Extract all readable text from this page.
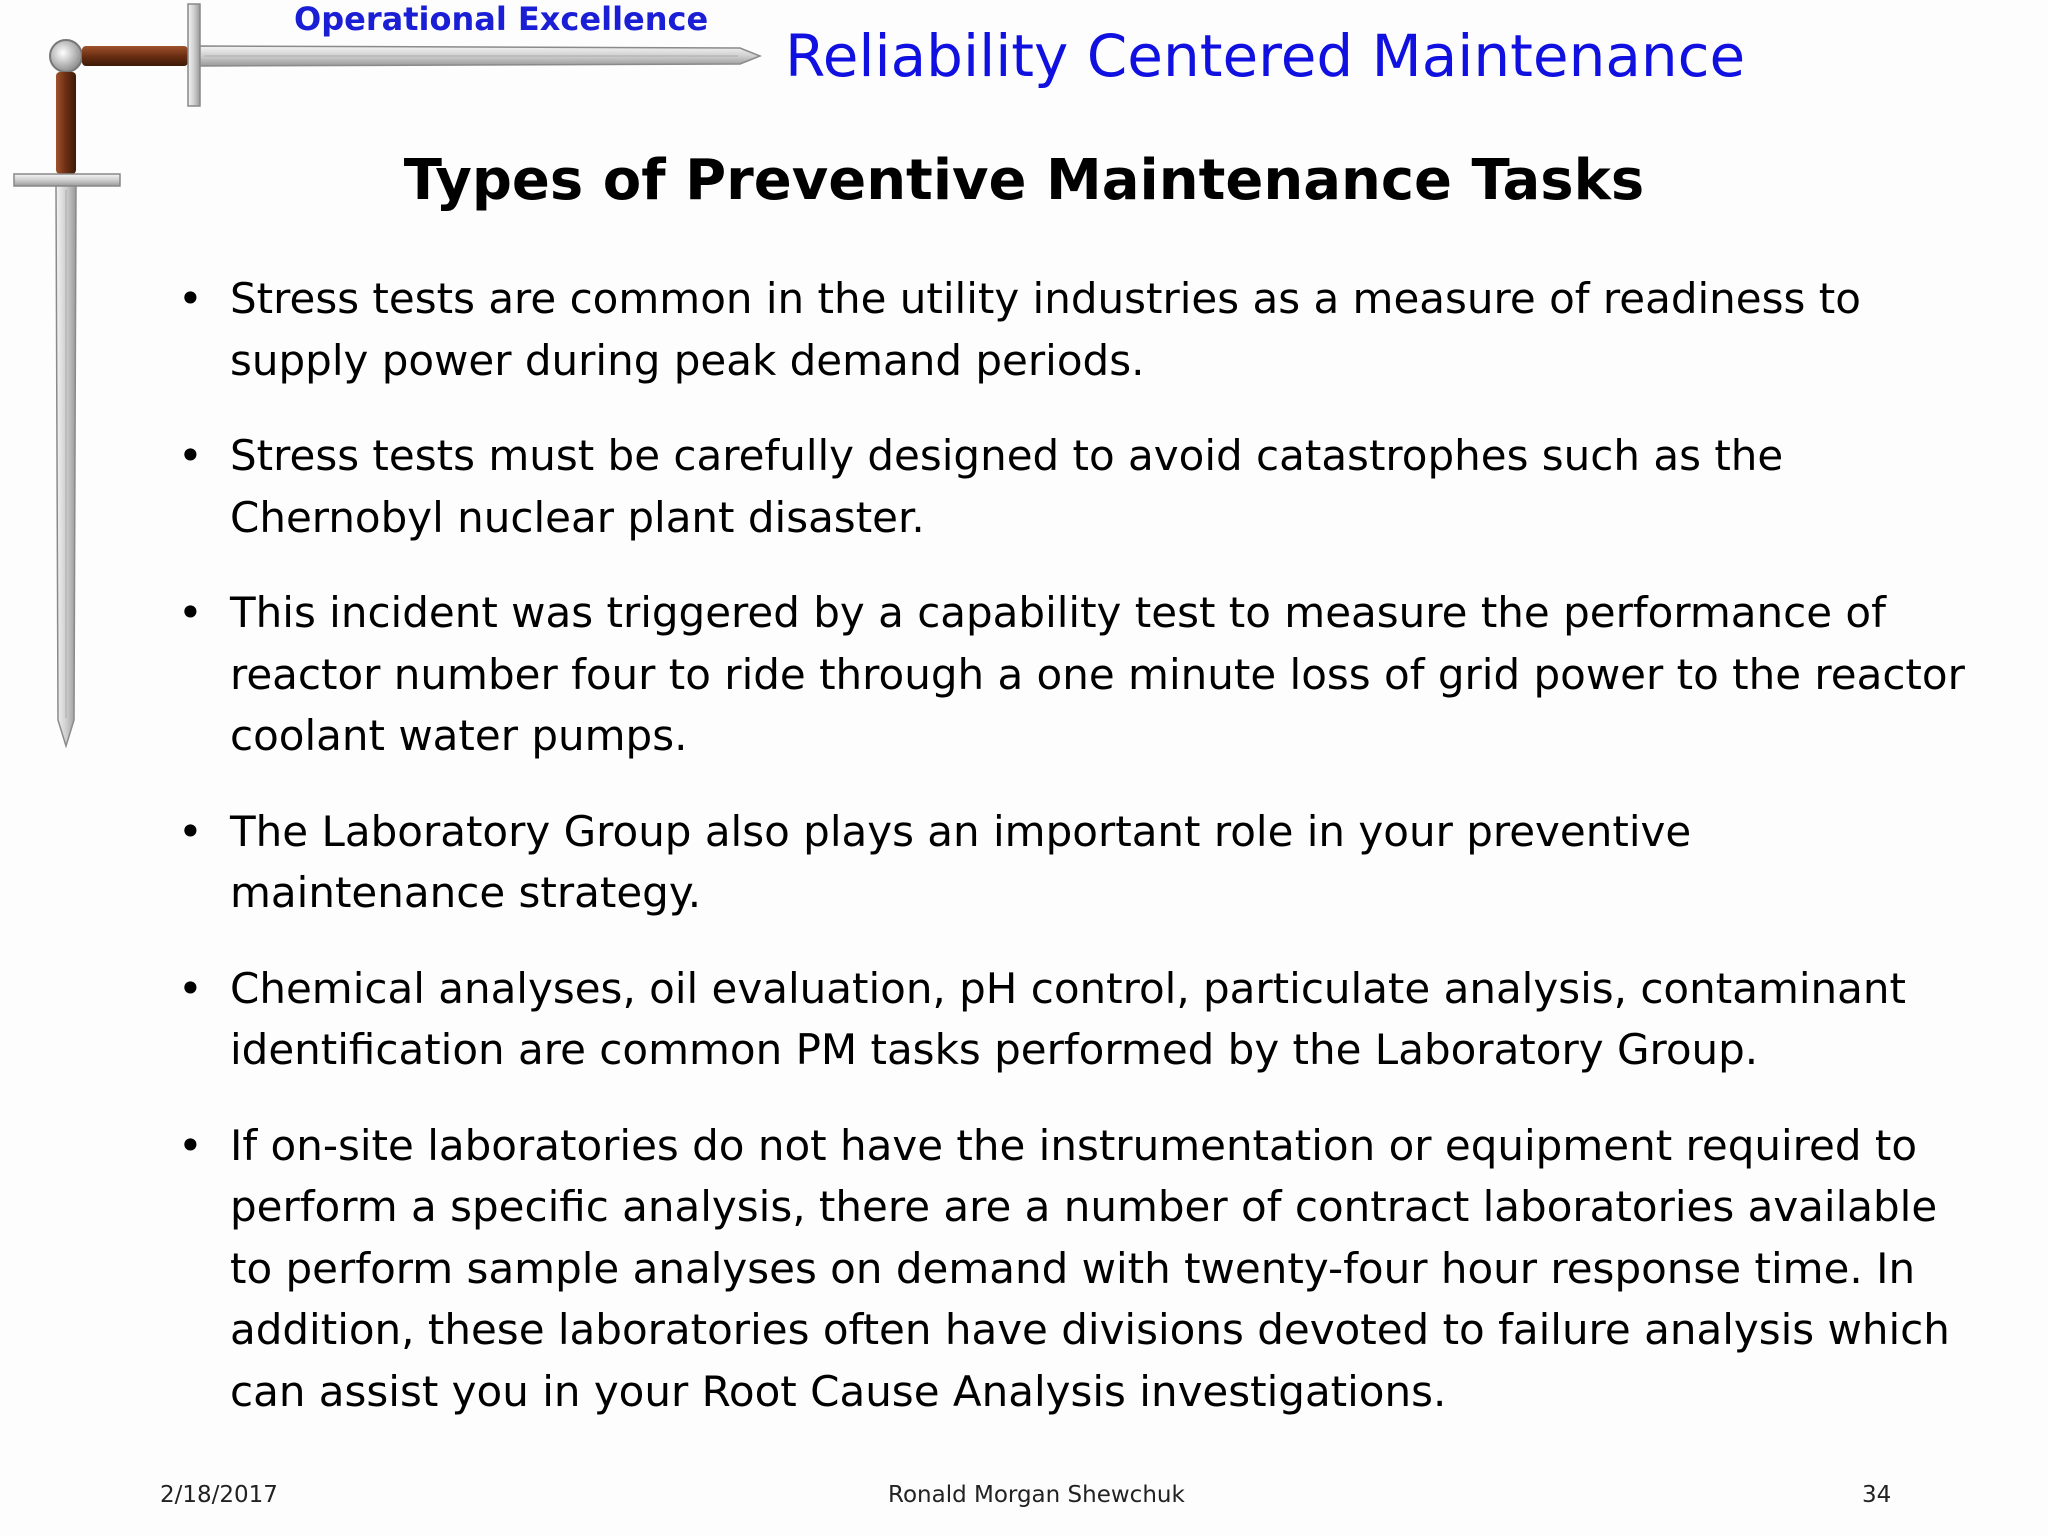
Operational Excellence
Reliability Centered Maintenance
Types of Preventive Maintenance Tasks
• Stress tests are common in the utility industries as a measure of readiness to supply power during peak demand periods.
• Stress tests must be carefully designed to avoid catastrophes such as the Chernobyl nuclear plant disaster.
• This incident was triggered by a capability test to measure the performance of reactor number four to ride through a one minute loss of grid power to the reactor coolant water pumps.
• The Laboratory Group also plays an important role in your preventive maintenance strategy.
• Chemical analyses, oil evaluation, pH control, particulate analysis, contaminant identification are common PM tasks performed by the Laboratory Group.
• If on-site laboratories do not have the instrumentation or equipment required to perform a specific analysis, there are a number of contract laboratories available to perform sample analyses on demand with twenty-four hour response time. In addition, these laboratories often have divisions devoted to failure analysis which can assist you in your Root Cause Analysis investigations.
2/18/2017	Ronald Morgan Shewchuk	34
